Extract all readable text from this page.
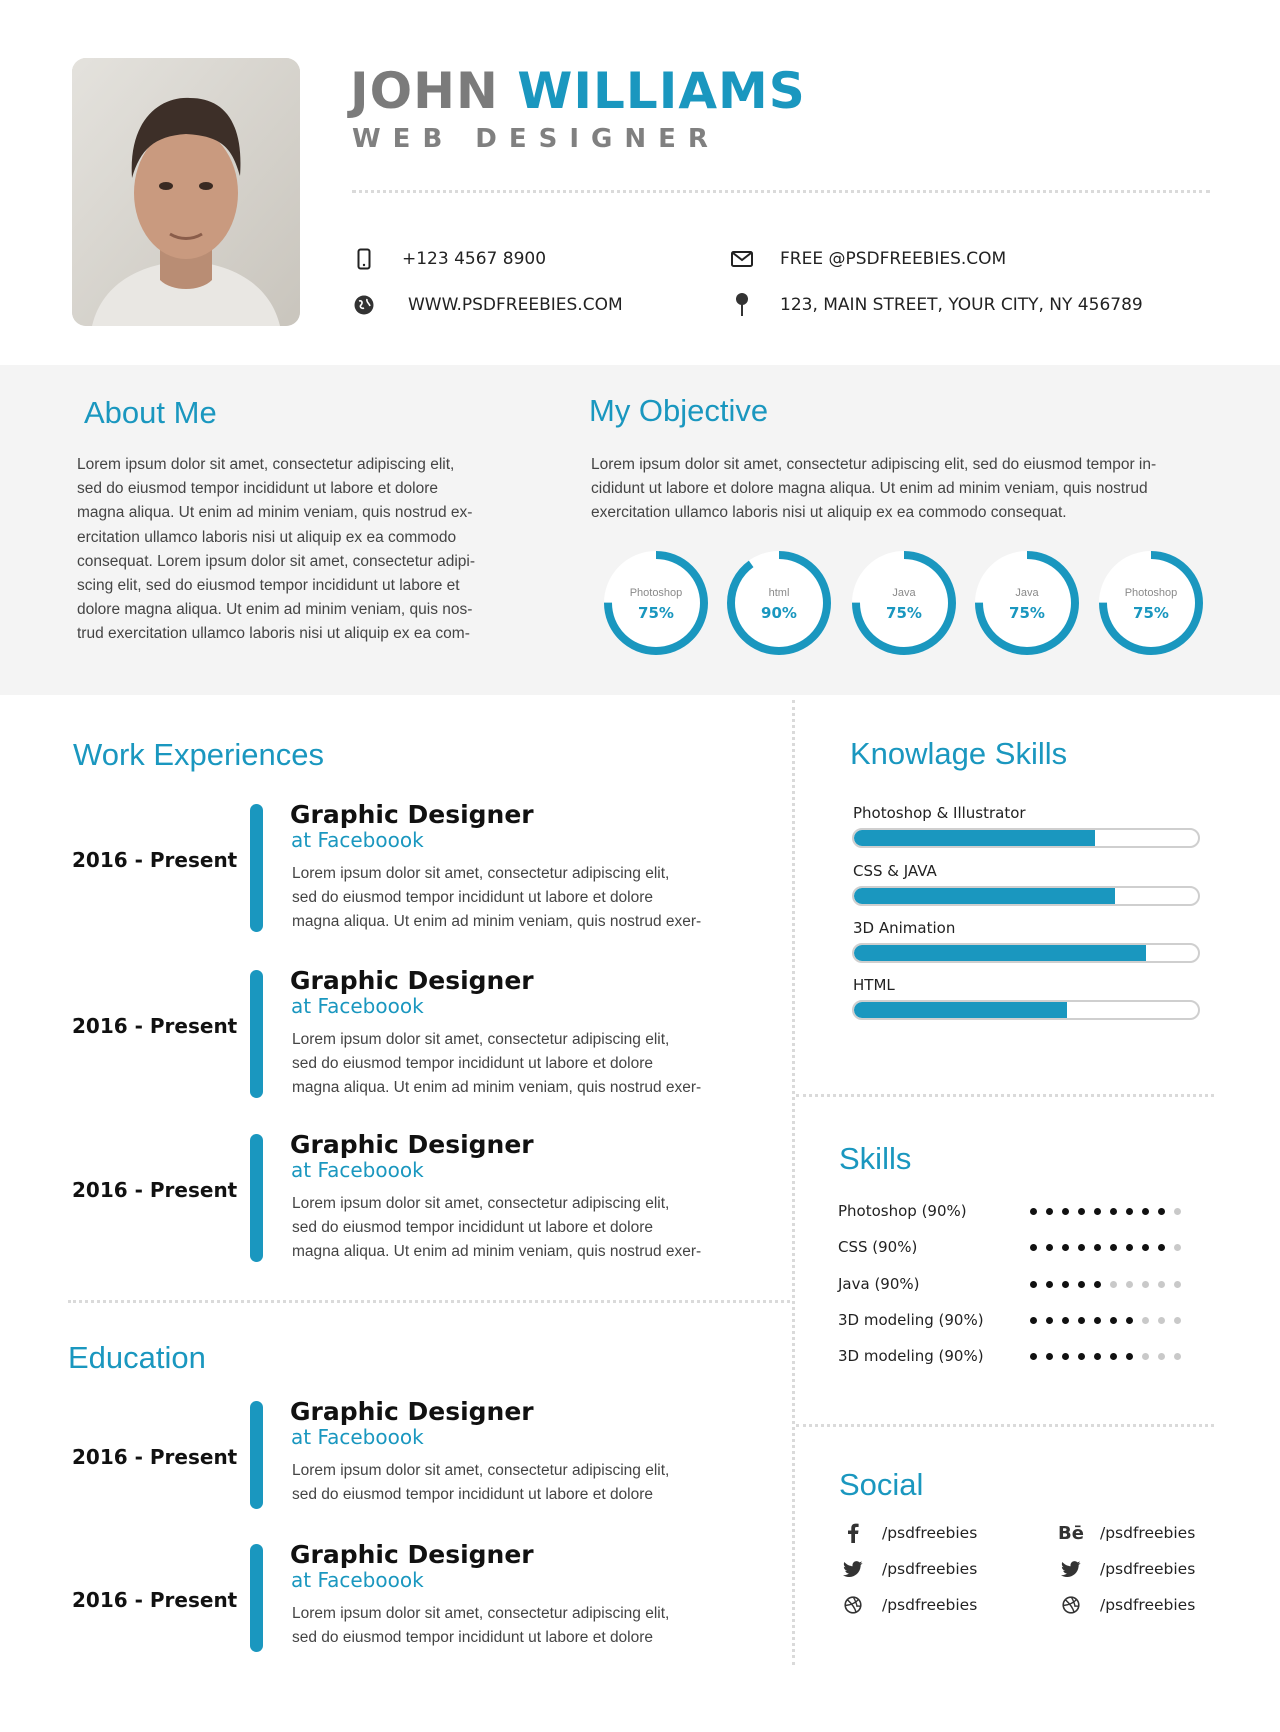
JOHN WILLIAMS
WEB DESIGNER
+123 4567 8900
WWW.PSDFREEBIES.COM
FREE @PSDFREEBIES.COM
123, MAIN STREET, YOUR CITY, NY 456789
About Me
Lorem ipsum dolor sit amet, consectetur adipiscing elit,
sed do eiusmod tempor incididunt ut labore et dolore
magna aliqua. Ut enim ad minim veniam, quis nostrud ex-
ercitation ullamco laboris nisi ut aliquip ex ea commodo
consequat. Lorem ipsum dolor sit amet, consectetur adipi-
scing elit, sed do eiusmod tempor incididunt ut labore et
dolore magna aliqua. Ut enim ad minim veniam, quis nos-
trud exercitation ullamco laboris nisi ut aliquip ex ea com-
My Objective
Lorem ipsum dolor sit amet, consectetur adipiscing elit, sed do eiusmod tempor in-
cididunt ut labore et dolore magna aliqua. Ut enim ad minim veniam, quis nostrud
exercitation ullamco laboris nisi ut aliquip ex ea commodo consequat.
Photoshop
75%
html
90%
Java
75%
Java
75%
Photoshop
75%
Work Experiences
2016 - Present
Graphic Designer
at Faceboook
Lorem ipsum dolor sit amet, consectetur adipiscing elit,
sed do eiusmod tempor incididunt ut labore et dolore
magna aliqua. Ut enim ad minim veniam, quis nostrud exer-
2016 - Present
Graphic Designer
at Faceboook
Lorem ipsum dolor sit amet, consectetur adipiscing elit,
sed do eiusmod tempor incididunt ut labore et dolore
magna aliqua. Ut enim ad minim veniam, quis nostrud exer-
2016 - Present
Graphic Designer
at Faceboook
Lorem ipsum dolor sit amet, consectetur adipiscing elit,
sed do eiusmod tempor incididunt ut labore et dolore
magna aliqua. Ut enim ad minim veniam, quis nostrud exer-
Education
2016 - Present
Graphic Designer
at Faceboook
Lorem ipsum dolor sit amet, consectetur adipiscing elit,
sed do eiusmod tempor incididunt ut labore et dolore
2016 - Present
Graphic Designer
at Faceboook
Lorem ipsum dolor sit amet, consectetur adipiscing elit,
sed do eiusmod tempor incididunt ut labore et dolore
Knowlage Skills
Photoshop & Illustrator
CSS & JAVA
3D Animation
HTML
Skills
Photoshop (90%)
CSS (90%)
Java (90%)
3D modeling (90%)
3D modeling (90%)
Social
/psdfreebies	Bē /psdfreebies
/psdfreebies	/psdfreebies
/psdfreebies	/psdfreebies
